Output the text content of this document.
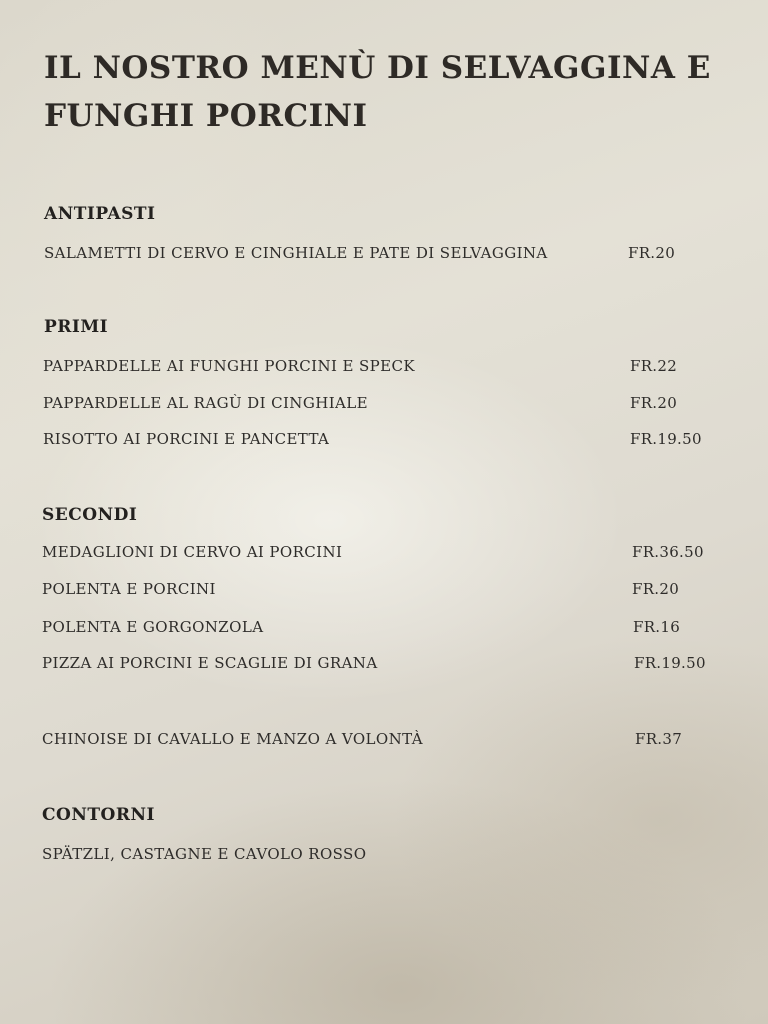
IL NOSTRO MENÙ DI SELVAGGINA E FUNGHI PORCINI
ANTIPASTI
SALAMETTI DI CERVO E CINGHIALE E PATE DI SELVAGGINA	FR.20
PRIMI
PAPPARDELLE AI FUNGHI PORCINI E SPECK	FR.22
PAPPARDELLE AL RAGÙ DI CINGHIALE	FR.20
RISOTTO AI PORCINI E PANCETTA	FR.19.50
SECONDI
MEDAGLIONI DI CERVO AI PORCINI	FR.36.50
POLENTA E PORCINI	FR.20
POLENTA E GORGONZOLA	FR.16
PIZZA AI PORCINI E SCAGLIE DI GRANA	FR.19.50
CHINOISE DI CAVALLO E MANZO A VOLONTÀ	FR.37
CONTORNI
SPÄTZLI, CASTAGNE E CAVOLO ROSSO
